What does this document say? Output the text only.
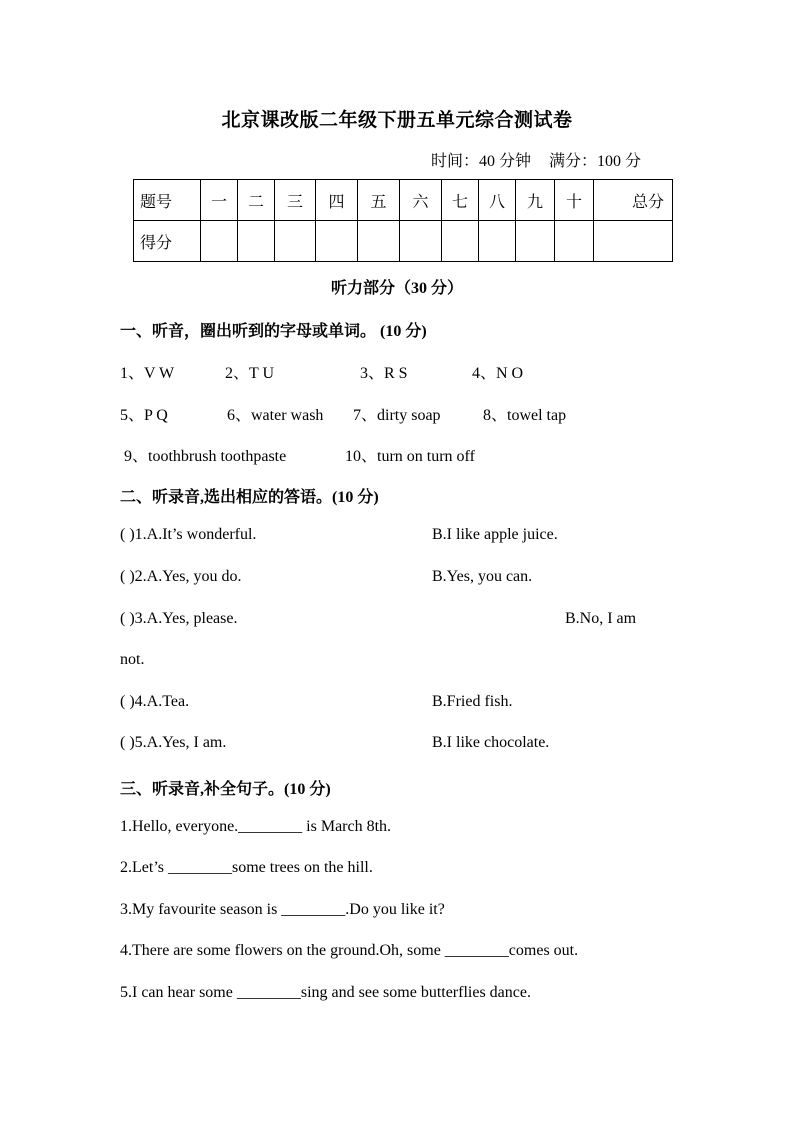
北京课改版二年级下册五单元综合测试卷
时间：40 分钟 满分：100 分
题号	一	二	三	四	五	六	七	八	九	十	总分
得分											
听力部分（30 分）
一、听音，圈出听到的字母或单词。 (10 分)
1、V W	2、T U	3、R S	4、N O
5、P Q	6、water wash 7、dirty soap	8、towel tap
9、toothbrush toothpaste	10、turn on turn off
二、听录音,选出相应的答语。(10 分)
( )1.A.It’s wonderful.	B.I like apple juice.
( )2.A.Yes, you do.	B.Yes, you can.
( )3.A.Yes, please.	B.No, I am
not.
( )4.A.Tea.	B.Fried fish.
( )5.A.Yes, I am.	B.I like chocolate.
三、听录音,补全句子。(10 分)
1.Hello, everyone.________ is March 8th.
2.Let’s ________some trees on the hill.
3.My favourite season is ________.Do you like it?
4.There are some flowers on the ground.Oh, some ________comes out.
5.I can hear some ________sing and see some butterflies dance.
